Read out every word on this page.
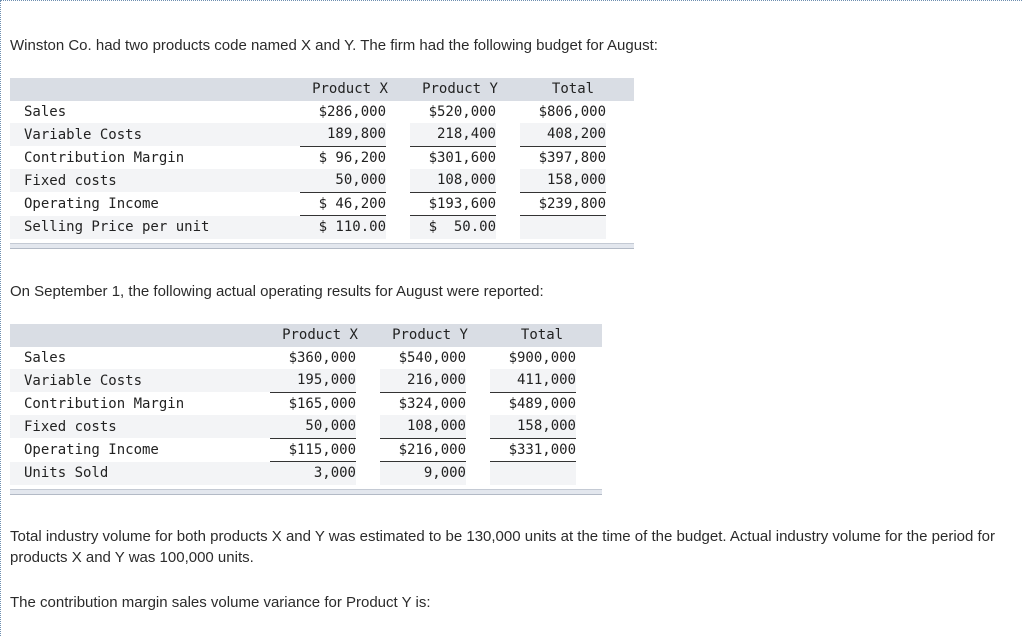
Winston Co. had two products code named X and Y. The firm had the following budget for August:

	Product X		Product Y		Total	
Sales	$286,000		$520,000		$806,000	
Variable Costs	189,800		218,400		408,200	
Contribution Margin	$ 96,200		$301,600		$397,800	
Fixed costs	50,000		108,000		158,000	
Operating Income	$ 46,200		$193,600		$239,800	
Selling Price per unit	$ 110.00		$  50.00			

On September 1, the following actual operating results for August were reported:

	Product X		Product Y		Total	
Sales	$360,000		$540,000		$900,000	
Variable Costs	195,000		216,000		411,000	
Contribution Margin	$165,000		$324,000		$489,000	
Fixed costs	50,000		108,000		158,000	
Operating Income	$115,000		$216,000		$331,000	
Units Sold	3,000		9,000			

Total industry volume for both products X and Y was estimated to be 130,000 units at the time of the budget. Actual industry volume for the period for products X and Y was 100,000 units.

The contribution margin sales volume variance for Product Y is:
